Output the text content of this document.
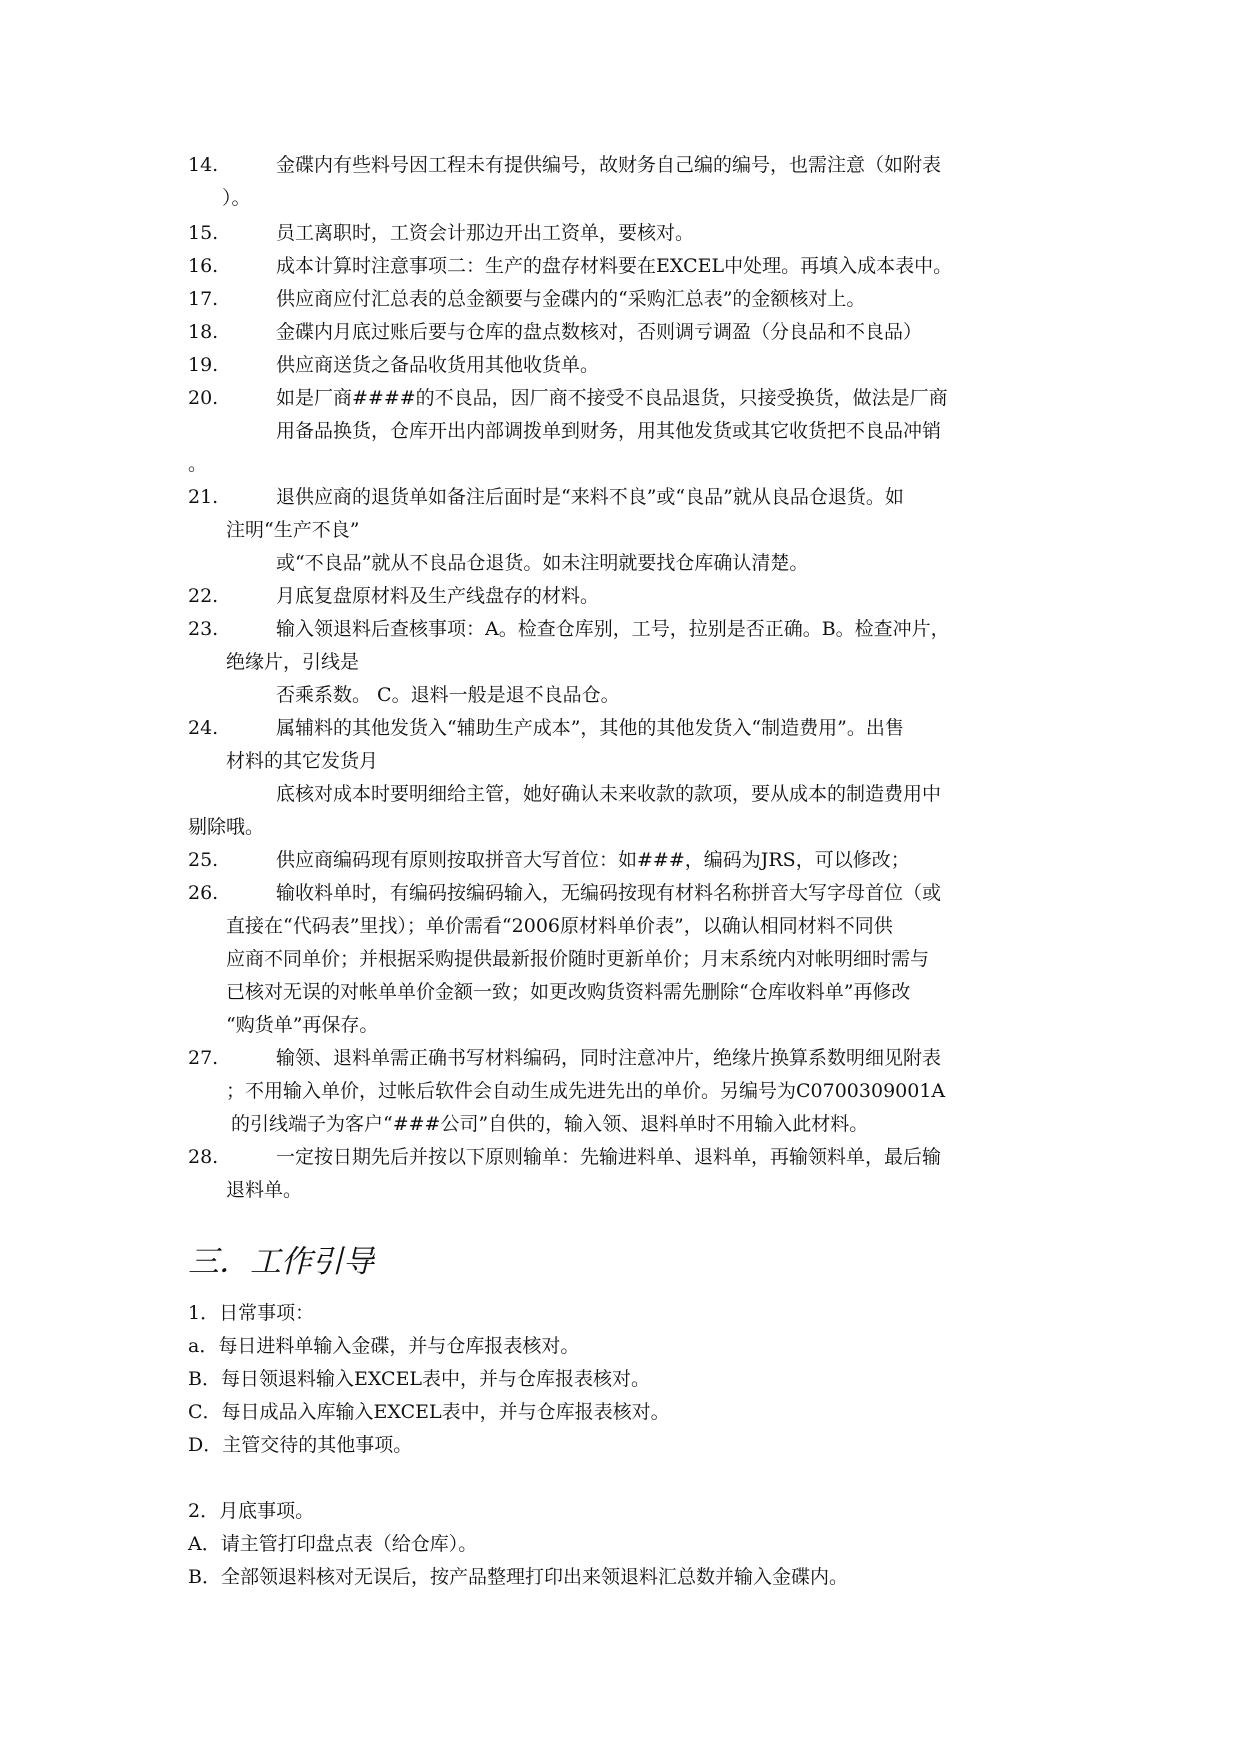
14.	金碟内有些料号因工程未有提供编号，故财务自己编的编号，也需注意（如附表
）。
15.	员工离职时，工资会计那边开出工资单，要核对。
16.	成本计算时注意事项二：生产的盘存材料要在EXCEL中处理。再填入成本表中。
17.	供应商应付汇总表的总金额要与金碟内的“采购汇总表”的金额核对上。
18.	金碟内月底过账后要与仓库的盘点数核对，否则调亏调盈（分良品和不良品）
19.	供应商送货之备品收货用其他收货单。
20.	如是厂商####的不良品，因厂商不接受不良品退货，只接受换货，做法是厂商
用备品换货，仓库开出内部调拨单到财务，用其他发货或其它收货把不良品冲销
。
21.	退供应商的退货单如备注后面时是“来料不良”或“良品”就从良品仓退货。如
注明“生产不良”
或“不良品”就从不良品仓退货。如未注明就要找仓库确认清楚。
22.	月底复盘原材料及生产线盘存的材料。
23.	输入领退料后查核事项：A。检查仓库别，工号，拉别是否正确。B。检查冲片，
绝缘片，引线是
否乘系数。 C。退料一般是退不良品仓。
24.	属辅料的其他发货入“辅助生产成本”，其他的其他发货入“制造费用”。出售
材料的其它发货月
底核对成本时要明细给主管，她好确认未来收款的款项，要从成本的制造费用中
剔除哦。
25.	供应商编码现有原则按取拼音大写首位：如###，编码为JRS，可以修改；
26.	输收料单时，有编码按编码输入，无编码按现有材料名称拼音大写字母首位（或
直接在“代码表”里找）；单价需看“2006原材料单价表”，以确认相同材料不同供
应商不同单价；并根据采购提供最新报价随时更新单价；月末系统内对帐明细时需与
已核对无误的对帐单单价金额一致；如更改购货资料需先删除“仓库收料单”再修改
“购货单”再保存。
27.	输领、退料单需正确书写材料编码，同时注意冲片，绝缘片换算系数明细见附表
；不用输入单价，过帐后软件会自动生成先进先出的单价。另编号为C0700309001A
的引线端子为客户“###公司”自供的，输入领、退料单时不用输入此材料。
28.	一定按日期先后并按以下原则输单：先输进料单、退料单，再输领料单，最后输
退料单。
三．工作引导
1．日常事项：
a．每日进料单输入金碟，并与仓库报表核对。
B．每日领退料输入EXCEL表中，并与仓库报表核对。
C．每日成品入库输入EXCEL表中，并与仓库报表核对。
D．主管交待的其他事项。
2．月底事项。
A．请主管打印盘点表（给仓库）。
B．全部领退料核对无误后，按产品整理打印出来领退料汇总数并输入金碟内。
